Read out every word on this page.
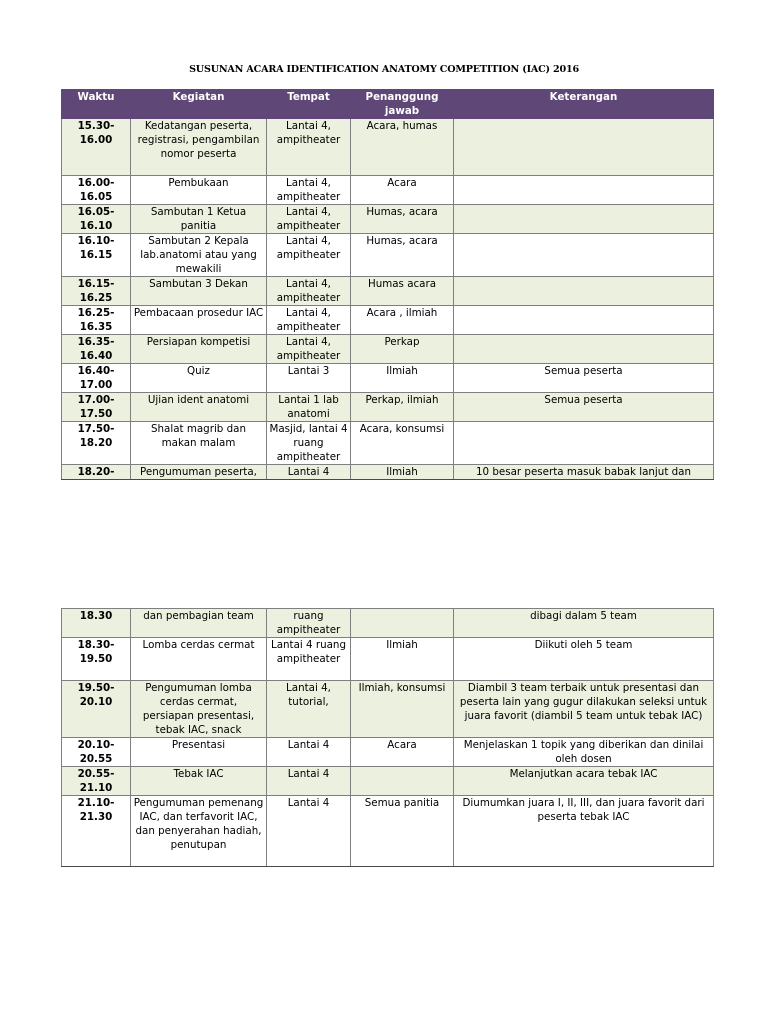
SUSUNAN ACARA IDENTIFICATION ANATOMY COMPETITION (IAC) 2016
Waktu	Kegiatan	Tempat	Penanggung jawab	Keterangan
15.30-16.00	Kedatangan peserta, registrasi, pengambilan nomor peserta	Lantai 4, ampitheater	Acara, humas	
16.00-16.05	Pembukaan	Lantai 4, ampitheater	Acara	
16.05-16.10	Sambutan 1 Ketua panitia	Lantai 4, ampitheater	Humas, acara	
16.10-16.15	Sambutan 2 Kepala lab.anatomi atau yang mewakili	Lantai 4, ampitheater	Humas, acara	
16.15-16.25	Sambutan 3 Dekan	Lantai 4, ampitheater	Humas acara	
16.25-16.35	Pembacaan prosedur IAC	Lantai 4, ampitheater	Acara , ilmiah	
16.35-16.40	Persiapan kompetisi	Lantai 4, ampitheater	Perkap	
16.40-17.00	Quiz	Lantai 3	Ilmiah	Semua peserta
17.00-17.50	Ujian ident anatomi	Lantai 1 lab anatomi	Perkap, ilmiah	Semua peserta
17.50-18.20	Shalat magrib dan makan malam	Masjid, lantai 4 ruang ampitheater	Acara, konsumsi	
18.20-	Pengumuman peserta,	Lantai 4	Ilmiah	10 besar peserta masuk babak lanjut dan
18.30	dan pembagian team	ruang ampitheater		dibagi dalam 5 team
18.30-19.50	Lomba cerdas cermat	Lantai 4 ruang ampitheater	Ilmiah	Diikuti oleh 5 team
19.50-20.10	Pengumuman lomba cerdas cermat, persiapan presentasi, tebak IAC, snack	Lantai 4, tutorial,	Ilmiah, konsumsi	Diambil 3 team terbaik untuk presentasi dan peserta lain yang gugur dilakukan seleksi untuk juara favorit (diambil 5 team untuk tebak IAC)
20.10-20.55	Presentasi	Lantai 4	Acara	Menjelaskan 1 topik yang diberikan dan dinilai oleh dosen
20.55-21.10	Tebak IAC	Lantai 4		Melanjutkan acara tebak IAC
21.10-21.30	Pengumuman pemenang IAC, dan terfavorit IAC, dan penyerahan hadiah, penutupan	Lantai 4	Semua panitia	Diumumkan juara I, II, III, dan juara favorit dari peserta tebak IAC
